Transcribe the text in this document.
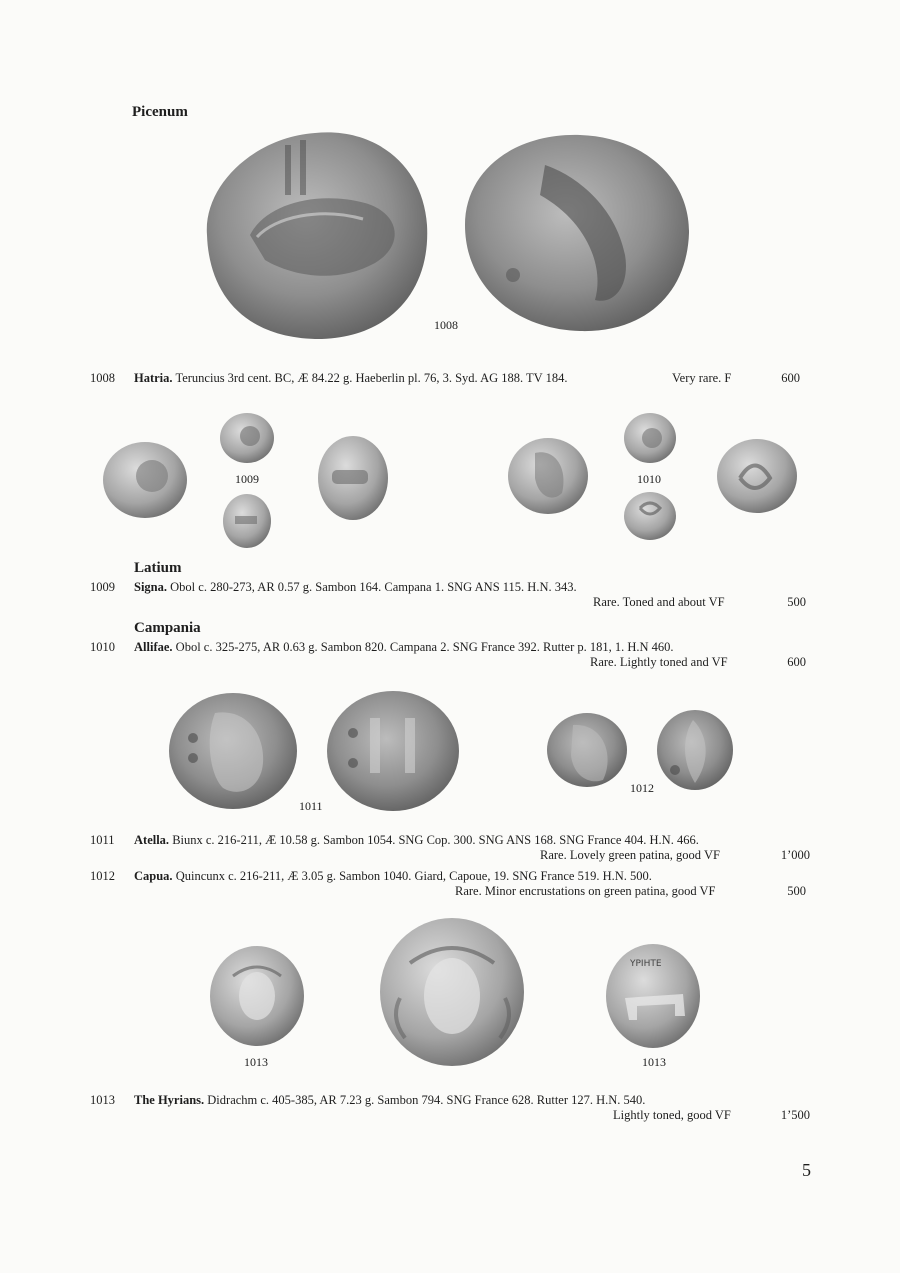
Picenum
1008
1008 Hatria. Teruncius 3rd cent. BC, Æ 84.22 g. Haeberlin pl. 76, 3. Syd. AG 188. TV 184.	Very rare. F	600
1009	1010
Latium
1009 Signa. Obol c. 280-273, AR 0.57 g. Sambon 164. Campana 1. SNG ANS 115. H.N. 343.
Rare. Toned and about VF	500
Campania
1010 Allifae. Obol c. 325-275, AR 0.63 g. Sambon 820. Campana 2. SNG France 392. Rutter p. 181, 1. H.N 460.
Rare. Lightly toned and VF	600
1011
1012
1011 Atella. Biunx c. 216-211, Æ 10.58 g. Sambon 1054. SNG Cop. 300. SNG ANS 168. SNG France 404. H.N. 466.
Rare. Lovely green patina, good VF	1’000
1012 Capua. Quincunx c. 216-211, Æ 3.05 g. Sambon 1040. Giard, Capoue, 19. SNG France 519. H.N. 500.
Rare. Minor encrustations on green patina, good VF	500
ΥΡΙΗΤΕ
1013	1013
1013 The Hyrians. Didrachm c. 405-385, AR 7.23 g. Sambon 794. SNG France 628. Rutter 127. H.N. 540.
Lightly toned, good VF	1’500
5
